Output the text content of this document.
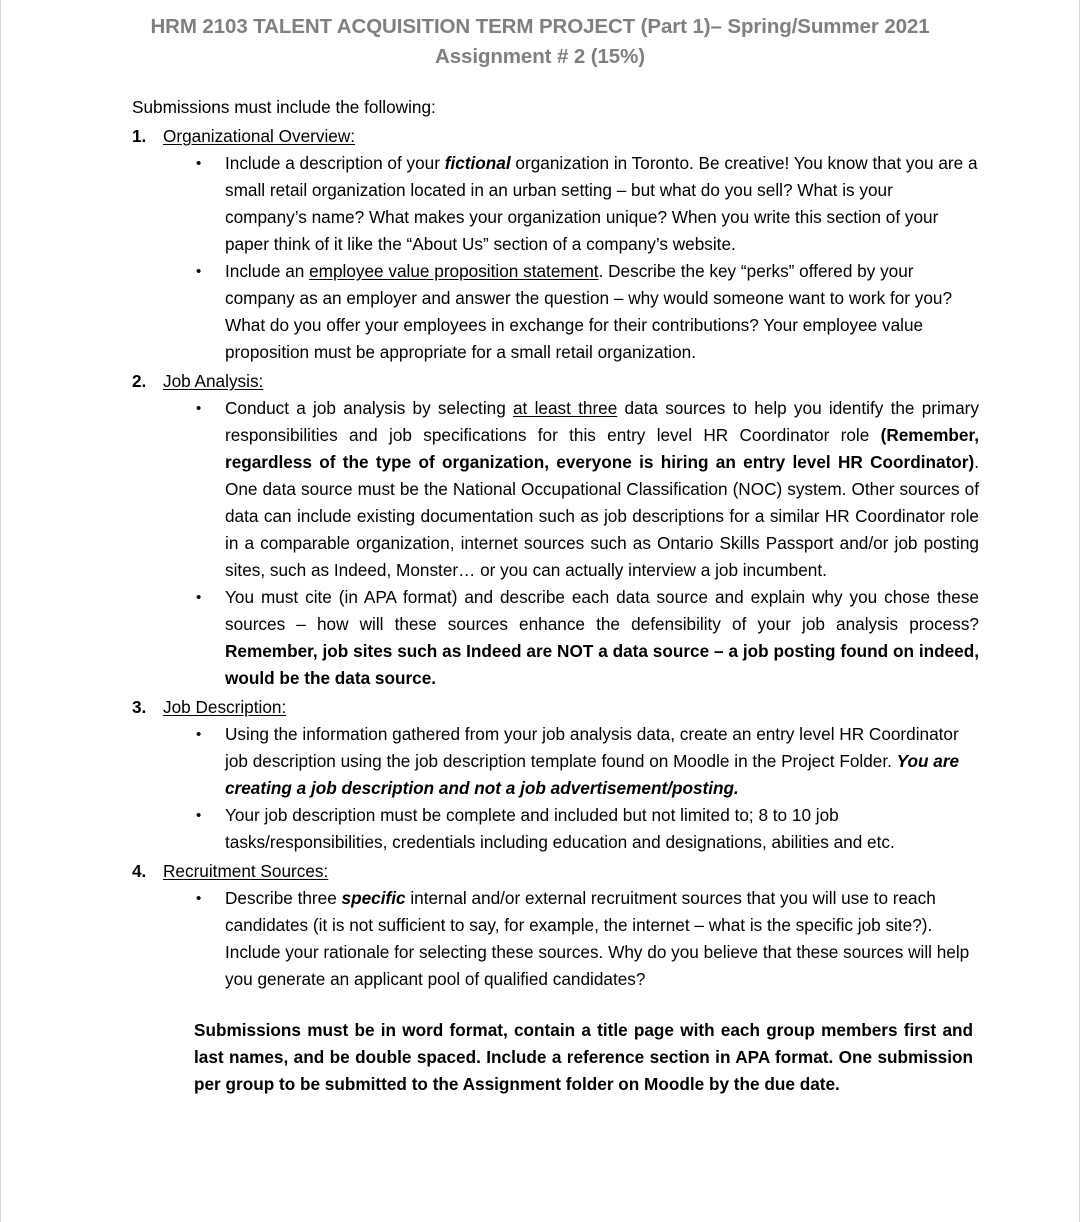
HRM 2103 TALENT ACQUISITION TERM PROJECT (Part 1)– Spring/Summer 2021
Assignment # 2 (15%)

Submissions must include the following:

1. Organizational Overview:
• Include a description of your fictional organization in Toronto. Be creative! You know that you are a small retail organization located in an urban setting – but what do you sell? What is your company’s name? What makes your organization unique? When you write this section of your paper think of it like the “About Us” section of a company’s website.
• Include an employee value proposition statement. Describe the key “perks” offered by your company as an employer and answer the question – why would someone want to work for you? What do you offer your employees in exchange for their contributions? Your employee value proposition must be appropriate for a small retail organization.
2. Job Analysis:
• Conduct a job analysis by selecting at least three data sources to help you identify the primary responsibilities and job specifications for this entry level HR Coordinator role (Remember, regardless of the type of organization, everyone is hiring an entry level HR Coordinator). One data source must be the National Occupational Classification (NOC) system. Other sources of data can include existing documentation such as job descriptions for a similar HR Coordinator role in a comparable organization, internet sources such as Ontario Skills Passport and/or job posting sites, such as Indeed, Monster… or you can actually interview a job incumbent.
• You must cite (in APA format) and describe each data source and explain why you chose these sources – how will these sources enhance the defensibility of your job analysis process? Remember, job sites such as Indeed are NOT a data source – a job posting found on indeed, would be the data source.
3. Job Description:
• Using the information gathered from your job analysis data, create an entry level HR Coordinator job description using the job description template found on Moodle in the Project Folder. You are creating a job description and not a job advertisement/posting.
• Your job description must be complete and included but not limited to; 8 to 10 job tasks/responsibilities, credentials including education and designations, abilities and etc.
4. Recruitment Sources:
• Describe three specific internal and/or external recruitment sources that you will use to reach candidates (it is not sufficient to say, for example, the internet – what is the specific job site?). Include your rationale for selecting these sources. Why do you believe that these sources will help you generate an applicant pool of qualified candidates?

Submissions must be in word format, contain a title page with each group members first and last names, and be double spaced. Include a reference section in APA format. One submission per group to be submitted to the Assignment folder on Moodle by the due date.
